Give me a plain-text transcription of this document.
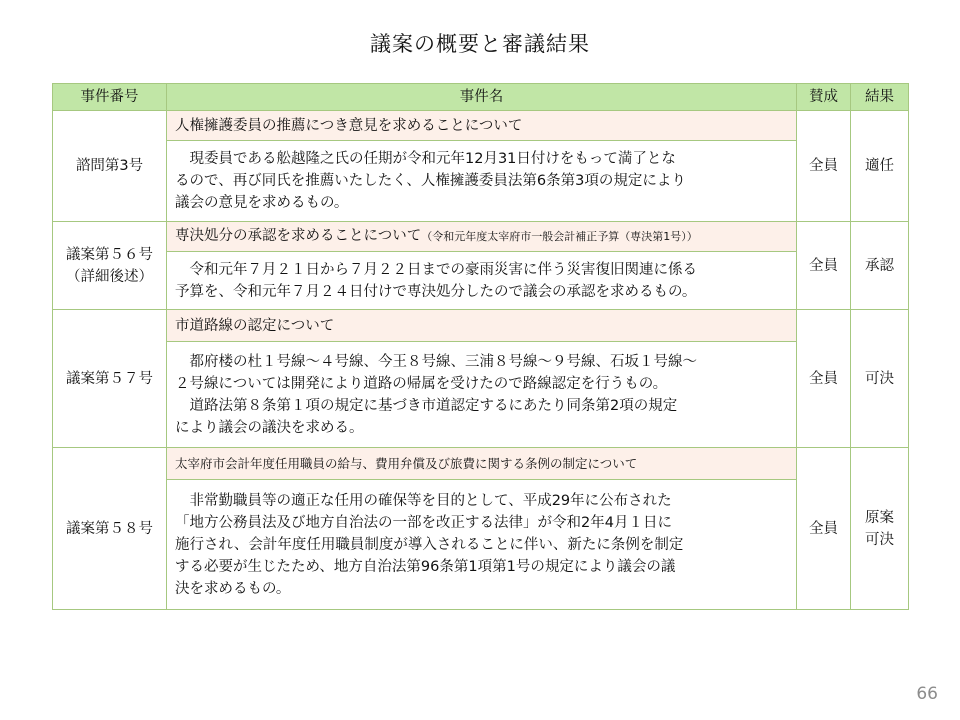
議案の概要と審議結果
事件番号	事件名	賛成	結果

諮問第3号	人権擁護委員の推薦につき意見を求めることについて	全員	適任

	　現委員である舩越隆之氏の任期が令和元年12月31日付けをもって満了とな
るので、再び同氏を推薦いたしたく、人権擁護委員法第6条第3項の規定により
議会の意見を求めるもの。		

議案第５６号
（詳細後述）	専決処分の承認を求めることについて（令和元年度太宰府市一般会計補正予算（専決第1号））	全員	承認

	　令和元年７月２１日から７月２２日までの豪雨災害に伴う災害復旧関連に係る
予算を、令和元年７月２４日付けで専決処分したので議会の承認を求めるもの。		

議案第５７号	市道路線の認定について	全員	可決

	　都府楼の杜１号線～４号線、今王８号線、三浦８号線～９号線、石坂１号線～
２号線については開発により道路の帰属を受けたので路線認定を行うもの。
　道路法第８条第１項の規定に基づき市道認定するにあたり同条第2項の規定
により議会の議決を求める。		

議案第５８号	太宰府市会計年度任用職員の給与、費用弁償及び旅費に関する条例の制定について	全員	原案
可決

	　非常勤職員等の適正な任用の確保等を目的として、平成29年に公布された
「地方公務員法及び地方自治法の一部を改正する法律」が令和2年4月１日に
施行され、会計年度任用職員制度が導入されることに伴い、新たに条例を制定
する必要が生じたため、地方自治法第96条第1項第1号の規定により議会の議
決を求めるもの。		
66
